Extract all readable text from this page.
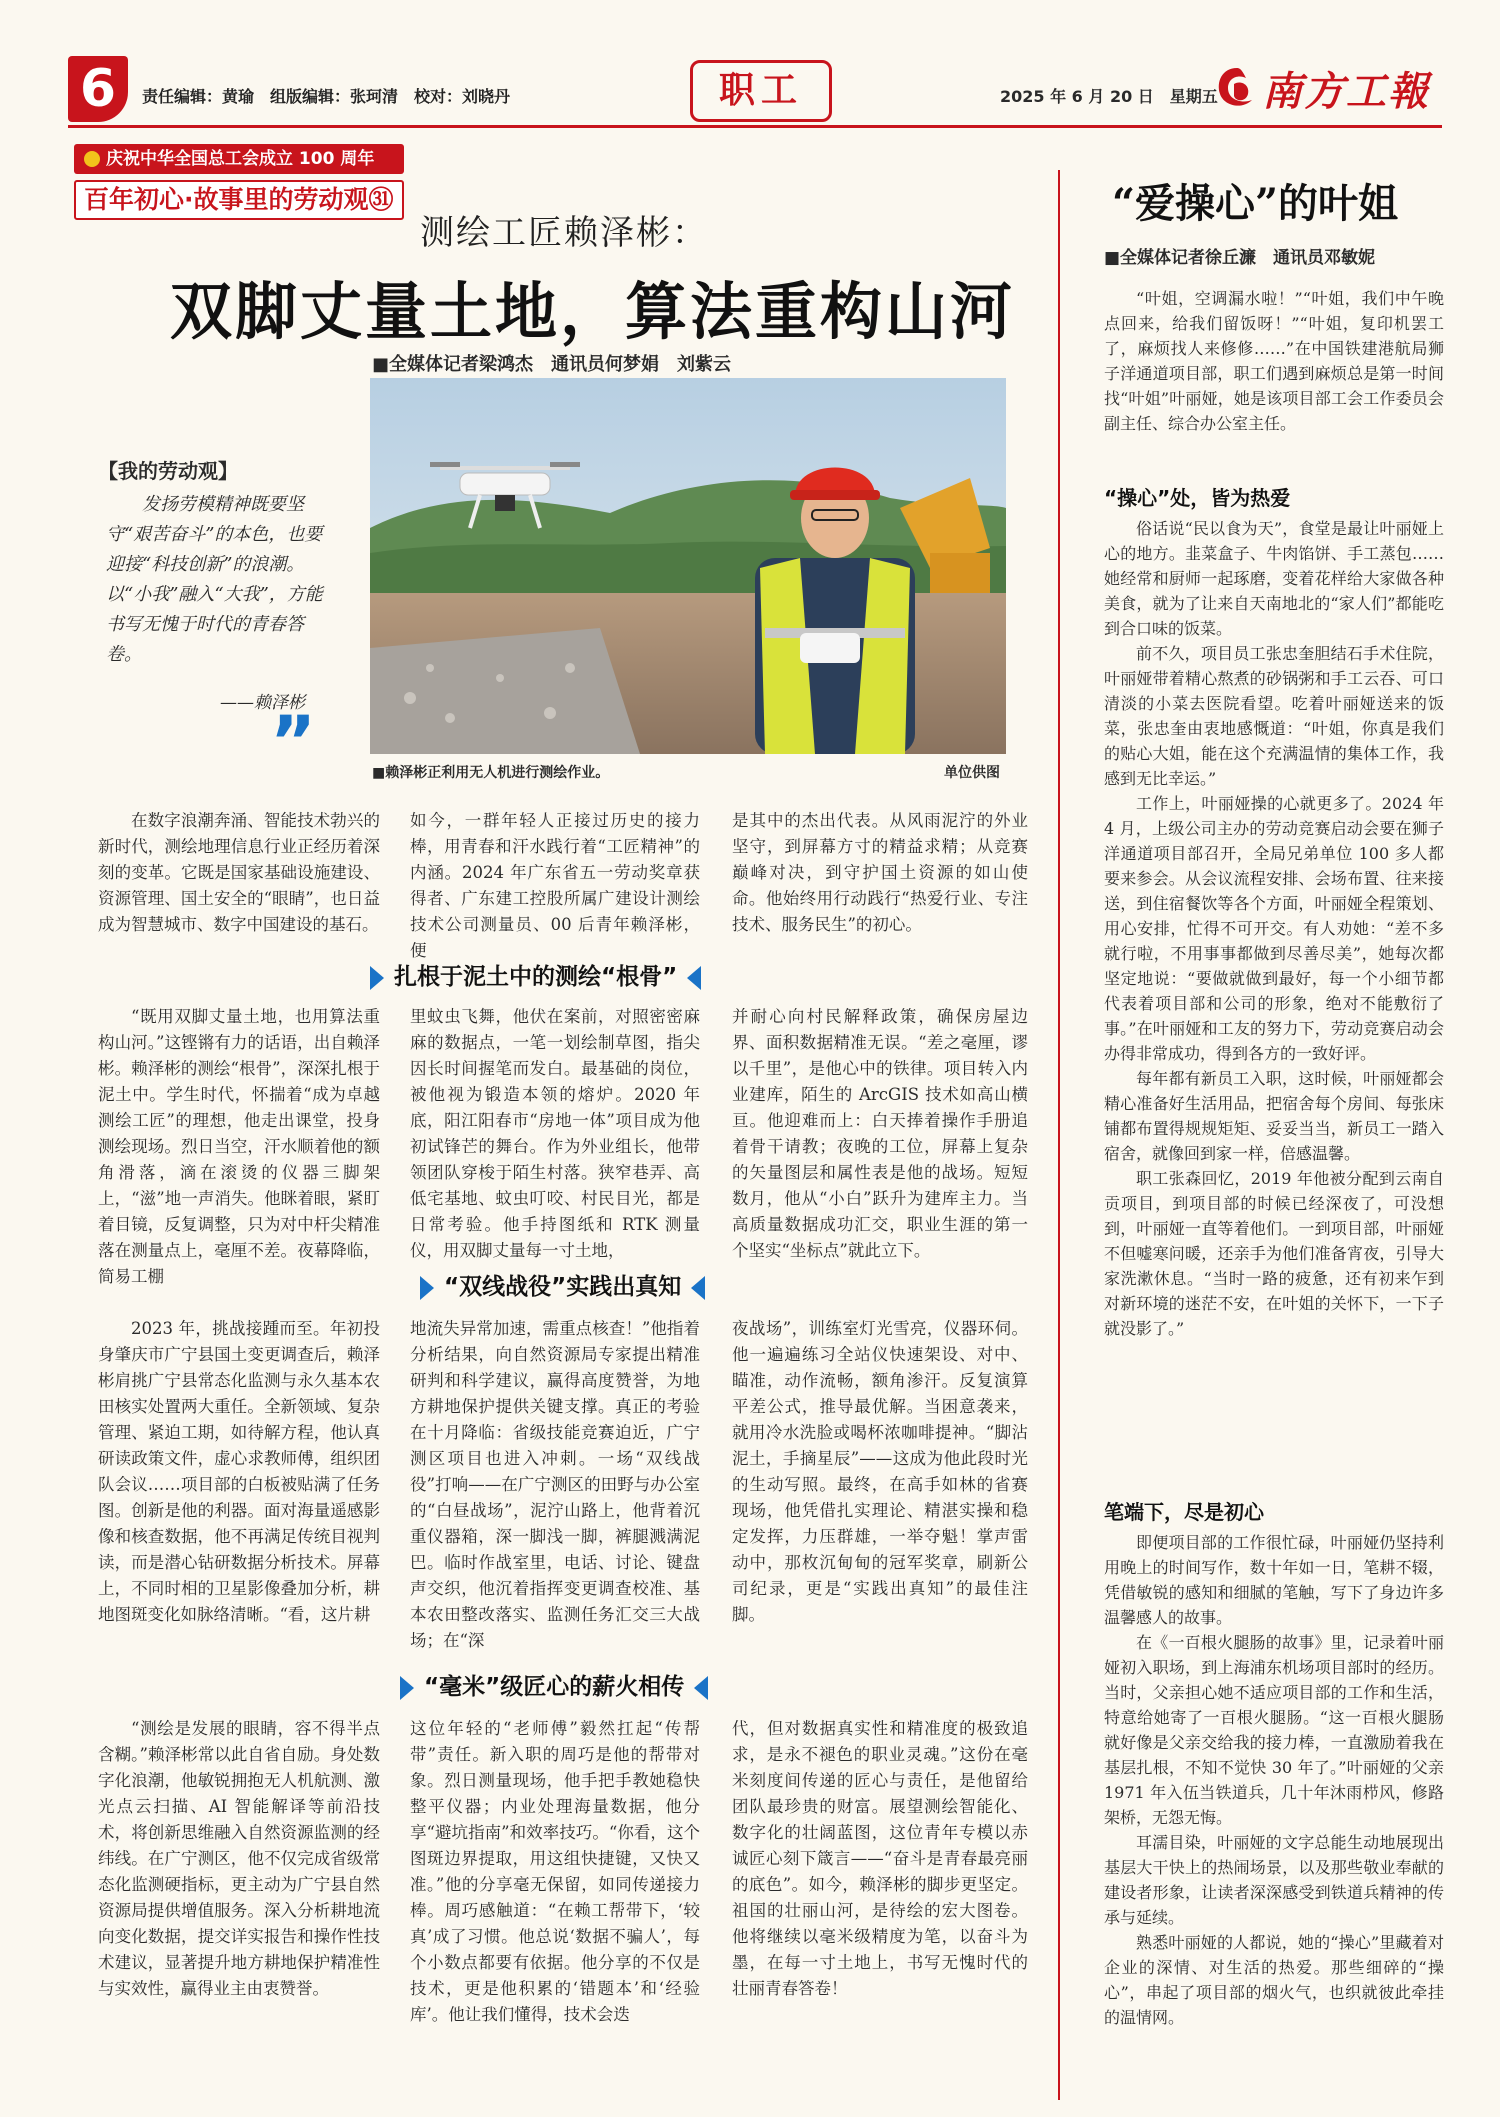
6	责任编辑：黄瑜　组版编辑：张珂清　校对：刘晓丹	职工	2025 年 6 月 20 日　星期五 南方工報
庆祝中华全国总工会成立 100 周年
百年初心·故事里的劳动观㉛
测绘工匠赖泽彬：
双脚丈量土地，算法重构山河
■全媒体记者梁鸿杰　通讯员何梦娟　刘紫云
■赖泽彬正利用无人机进行测绘作业。	单位供图
【我的劳动观】
发扬劳模精神既要坚守“艰苦奋斗”的本色，也要迎接“科技创新”的浪潮。以“小我”融入“大我”，方能书写无愧于时代的青春答卷。
——赖泽彬
”

在数字浪潮奔涌、智能技术勃兴的新时代，测绘地理信息行业正经历着深刻的变革。它既是国家基础设施建设、资源管理、国土安全的“眼睛”，也日益成为智慧城市、数字中国建设的基石。

如今，一群年轻人正接过历史的接力棒，用青春和汗水践行着“工匠精神”的内涵。2024 年广东省五一劳动奖章获得者、广东建工控股所属广建设计测绘技术公司测量员、00 后青年赖泽彬，便

是其中的杰出代表。从风雨泥泞的外业坚守，到屏幕方寸的精益求精；从竞赛巅峰对决，到守护国土资源的如山使命。他始终用行动践行“热爱行业、专注技术、服务民生”的初心。

扎根于泥土中的测绘“根骨”

“既用双脚丈量土地，也用算法重构山河。”这铿锵有力的话语，出自赖泽彬。赖泽彬的测绘“根骨”，深深扎根于泥土中。学生时代，怀揣着“成为卓越测绘工匠”的理想，他走出课堂，投身测绘现场。烈日当空，汗水顺着他的额角滑落，滴在滚烫的仪器三脚架上，“滋”地一声消失。他眯着眼，紧盯着目镜，反复调整，只为对中杆尖精准落在测量点上，毫厘不差。夜幕降临，简易工棚

里蚊虫飞舞，他伏在案前，对照密密麻麻的数据点，一笔一划绘制草图，指尖因长时间握笔而发白。最基础的岗位，被他视为锻造本领的熔炉。2020 年底，阳江阳春市“房地一体”项目成为他初试锋芒的舞台。作为外业组长，他带领团队穿梭于陌生村落。狭窄巷弄、高低宅基地、蚊虫叮咬、村民目光，都是日常考验。他手持图纸和 RTK 测量仪，用双脚丈量每一寸土地，

并耐心向村民解释政策，确保房屋边界、面积数据精准无误。“差之毫厘，谬以千里”，是他心中的铁律。项目转入内业建库，陌生的 ArcGIS 技术如高山横亘。他迎难而上：白天捧着操作手册追着骨干请教；夜晚的工位，屏幕上复杂的矢量图层和属性表是他的战场。短短数月，他从“小白”跃升为建库主力。当高质量数据成功汇交，职业生涯的第一个坚实“坐标点”就此立下。

“双线战役”实践出真知

2023 年，挑战接踵而至。年初投身肇庆市广宁县国土变更调查后，赖泽彬肩挑广宁县常态化监测与永久基本农田核实处置两大重任。全新领域、复杂管理、紧迫工期，如待解方程，他认真研读政策文件，虚心求教师傅，组织团队会议……项目部的白板被贴满了任务图。创新是他的利器。面对海量遥感影像和核查数据，他不再满足传统目视判读，而是潜心钻研数据分析技术。屏幕上，不同时相的卫星影像叠加分析，耕地图斑变化如脉络清晰。“看，这片耕

地流失异常加速，需重点核查！”他指着分析结果，向自然资源局专家提出精准研判和科学建议，赢得高度赞誉，为地方耕地保护提供关键支撑。真正的考验在十月降临：省级技能竞赛迫近，广宁测区项目也进入冲刺。一场“双线战役”打响——在广宁测区的田野与办公室的“白昼战场”，泥泞山路上，他背着沉重仪器箱，深一脚浅一脚，裤腿溅满泥巴。临时作战室里，电话、讨论、键盘声交织，他沉着指挥变更调查校准、基本农田整改落实、监测任务汇交三大战场；在“深

夜战场”，训练室灯光雪亮，仪器环伺。他一遍遍练习全站仪快速架设、对中、瞄准，动作流畅，额角渗汗。反复演算平差公式，推导最优解。当困意袭来，就用冷水洗脸或喝杯浓咖啡提神。“脚沾泥土，手摘星辰”——这成为他此段时光的生动写照。最终，在高手如林的省赛现场，他凭借扎实理论、精湛实操和稳定发挥，力压群雄，一举夺魁！掌声雷动中，那枚沉甸甸的冠军奖章，刷新公司纪录，更是“实践出真知”的最佳注脚。

“毫米”级匠心的薪火相传

“测绘是发展的眼睛，容不得半点含糊。”赖泽彬常以此自省自励。身处数字化浪潮，他敏锐拥抱无人机航测、激光点云扫描、AI 智能解译等前沿技术，将创新思维融入自然资源监测的经纬线。在广宁测区，他不仅完成省级常态化监测硬指标，更主动为广宁县自然资源局提供增值服务。深入分析耕地流向变化数据，提交详实报告和操作性技术建议，显著提升地方耕地保护精准性与实效性，赢得业主由衷赞誉。

这位年轻的“老师傅”毅然扛起“传帮带”责任。新入职的周巧是他的帮带对象。烈日测量现场，他手把手教她稳快整平仪器；内业处理海量数据，他分享“避坑指南”和效率技巧。“你看，这个图斑边界提取，用这组快捷键，又快又准。”他的分享毫无保留，如同传递接力棒。周巧感触道：“在赖工帮带下，‘较真’成了习惯。他总说‘数据不骗人’，每个小数点都要有依据。他分享的不仅是技术，更是他积累的‘错题本’和‘经验库’。他让我们懂得，技术会迭

代，但对数据真实性和精准度的极致追求，是永不褪色的职业灵魂。”这份在毫米刻度间传递的匠心与责任，是他留给团队最珍贵的财富。展望测绘智能化、数字化的壮阔蓝图，这位青年专模以赤诚匠心刻下箴言——“奋斗是青春最亮丽的底色”。如今，赖泽彬的脚步更坚定。祖国的壮丽山河，是待绘的宏大图卷。他将继续以毫米级精度为笔，以奋斗为墨，在每一寸土地上，书写无愧时代的壮丽青春答卷！

“爱操心”的叶姐
■全媒体记者徐丘濂　通讯员邓敏妮

“叶姐，空调漏水啦！”“叶姐，我们中午晚点回来，给我们留饭呀！”“叶姐，复印机罢工了，麻烦找人来修修……”在中国铁建港航局狮子洋通道项目部，职工们遇到麻烦总是第一时间找“叶姐”叶丽娅，她是该项目部工会工作委员会副主任、综合办公室主任。

“操心”处，皆为热爱

俗话说“民以食为天”，食堂是最让叶丽娅上心的地方。韭菜盒子、牛肉馅饼、手工蒸包……她经常和厨师一起琢磨，变着花样给大家做各种美食，就为了让来自天南地北的“家人们”都能吃到合口味的饭菜。

前不久，项目员工张忠奎胆结石手术住院，叶丽娅带着精心熬煮的砂锅粥和手工云吞、可口清淡的小菜去医院看望。吃着叶丽娅送来的饭菜，张忠奎由衷地感慨道：“叶姐，你真是我们的贴心大姐，能在这个充满温情的集体工作，我感到无比幸运。”

工作上，叶丽娅操的心就更多了。2024 年 4 月，上级公司主办的劳动竞赛启动会要在狮子洋通道项目部召开，全局兄弟单位 100 多人都要来参会。从会议流程安排、会场布置、往来接送，到住宿餐饮等各个方面，叶丽娅全程策划、用心安排，忙得不可开交。有人劝她：“差不多就行啦，不用事事都做到尽善尽美”，她每次都坚定地说：“要做就做到最好，每一个小细节都代表着项目部和公司的形象，绝对不能敷衍了事。”在叶丽娅和工友的努力下，劳动竞赛启动会办得非常成功，得到各方的一致好评。

每年都有新员工入职，这时候，叶丽娅都会精心准备好生活用品，把宿舍每个房间、每张床铺都布置得规规矩矩、妥妥当当，新员工一踏入宿舍，就像回到家一样，倍感温馨。

职工张森回忆，2019 年他被分配到云南自贡项目，到项目部的时候已经深夜了，可没想到，叶丽娅一直等着他们。一到项目部，叶丽娅不但嘘寒问暖，还亲手为他们准备宵夜，引导大家洗漱休息。“当时一路的疲惫，还有初来乍到对新环境的迷茫不安，在叶姐的关怀下，一下子就没影了。”

笔端下，尽是初心

即便项目部的工作很忙碌，叶丽娅仍坚持利用晚上的时间写作，数十年如一日，笔耕不辍，凭借敏锐的感知和细腻的笔触，写下了身边许多温馨感人的故事。

在《一百根火腿肠的故事》里，记录着叶丽娅初入职场，到上海浦东机场项目部时的经历。当时，父亲担心她不适应项目部的工作和生活，特意给她寄了一百根火腿肠。“这一百根火腿肠就好像是父亲交给我的接力棒，一直激励着我在基层扎根，不知不觉快 30 年了。”叶丽娅的父亲 1971 年入伍当铁道兵，几十年沐雨栉风，修路架桥，无怨无悔。

耳濡目染，叶丽娅的文字总能生动地展现出基层大干快上的热闹场景，以及那些敬业奉献的建设者形象，让读者深深感受到铁道兵精神的传承与延续。

熟悉叶丽娅的人都说，她的“操心”里藏着对企业的深情、对生活的热爱。那些细碎的“操心”，串起了项目部的烟火气，也织就彼此牵挂的温情网。
